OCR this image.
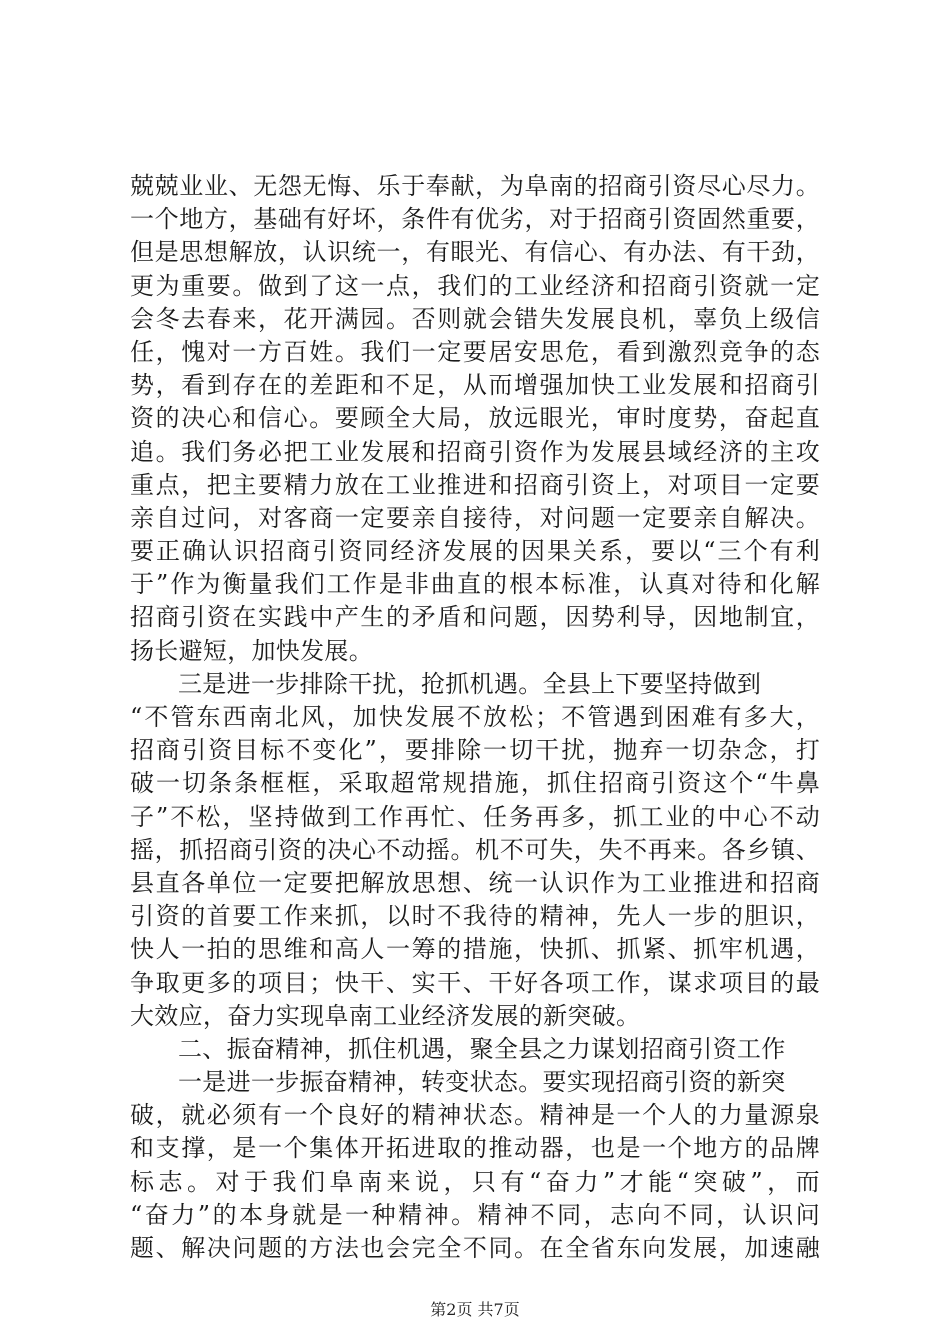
兢兢业业、无怨无悔、乐于奉献，为阜南的招商引资尽心尽力。
一个地方，基础有好坏，条件有优劣，对于招商引资固然重要，
但是思想解放，认识统一，有眼光、有信心、有办法、有干劲，
更为重要。做到了这一点，我们的工业经济和招商引资就一定
会冬去春来，花开满园。否则就会错失发展良机，辜负上级信
任，愧对一方百姓。我们一定要居安思危，看到激烈竞争的态
势，看到存在的差距和不足，从而增强加快工业发展和招商引
资的决心和信心。要顾全大局，放远眼光，审时度势，奋起直
追。我们务必把工业发展和招商引资作为发展县域经济的主攻
重点，把主要精力放在工业推进和招商引资上，对项目一定要
亲自过问，对客商一定要亲自接待，对问题一定要亲自解决。
要正确认识招商引资同经济发展的因果关系，要以“三个有利
于”作为衡量我们工作是非曲直的根本标准，认真对待和化解
招商引资在实践中产生的矛盾和问题，因势利导，因地制宜，
扬长避短，加快发展。
三是进一步排除干扰，抢抓机遇。全县上下要坚持做到
“不管东西南北风，加快发展不放松；不管遇到困难有多大，
招商引资目标不变化”，要排除一切干扰，抛弃一切杂念，打
破一切条条框框，采取超常规措施，抓住招商引资这个“牛鼻
子”不松，坚持做到工作再忙、任务再多，抓工业的中心不动
摇，抓招商引资的决心不动摇。机不可失，失不再来。各乡镇、
县直各单位一定要把解放思想、统一认识作为工业推进和招商
引资的首要工作来抓，以时不我待的精神，先人一步的胆识，
快人一拍的思维和高人一筹的措施，快抓、抓紧、抓牢机遇，
争取更多的项目；快干、实干、干好各项工作，谋求项目的最
大效应，奋力实现阜南工业经济发展的新突破。
二、振奋精神，抓住机遇，聚全县之力谋划招商引资工作
一是进一步振奋精神，转变状态。要实现招商引资的新突
破，就必须有一个良好的精神状态。精神是一个人的力量源泉
和支撑，是一个集体开拓进取的推动器，也是一个地方的品牌
标志。对于我们阜南来说，只有“奋力”才能“突破”，而
“奋力”的本身就是一种精神。精神不同，志向不同，认识问
题、解决问题的方法也会完全不同。在全省东向发展，加速融
第2页 共7页
